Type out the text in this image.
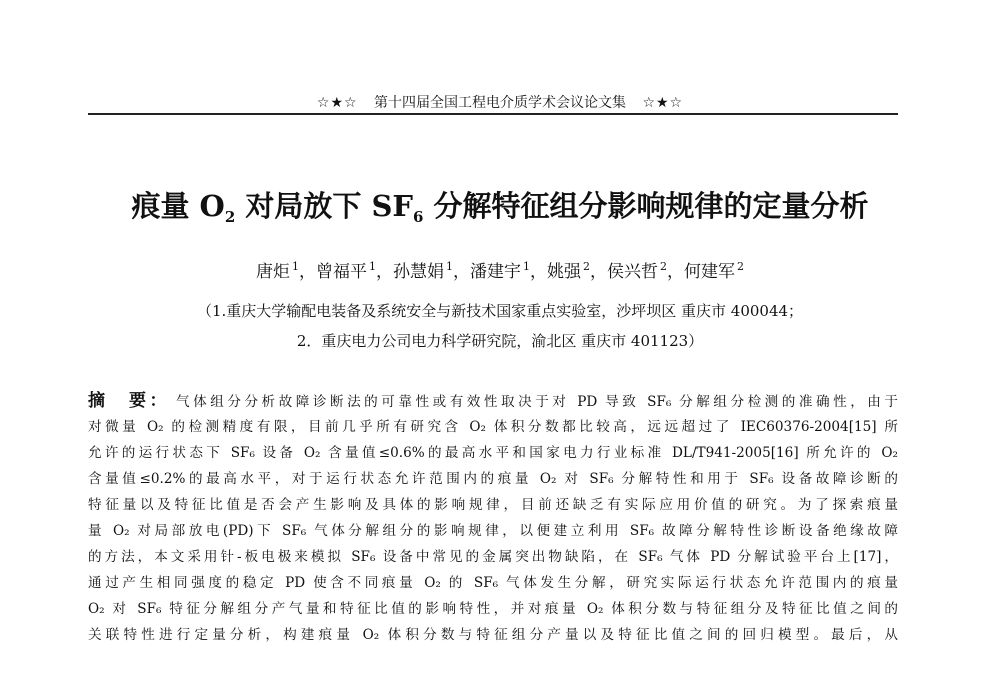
☆★☆ 第十四届全国工程电介质学术会议论文集 ☆★☆
痕量 $O_2$ 对局放下 $SF_6$ 分解特征组分影响规律的定量分析
唐炬 $^1$，曾福平 $^1$，孙慧娟 $^1$，潘建宇 $^1$，姚强 $^2$，侯兴哲 $^2$，何建军 $^2$
（1.重庆大学输配电装备及系统安全与新技术国家重点实验室，沙坪坝区 重庆市 400044；
2．重庆电力公司电力科学研究院，渝北区 重庆市 401123）
摘　要： 气体组分分析故障诊断法的可靠性或有效性取决于对 PD 导致 SF₆ 分解组分检测的准确性，由于
对微量 O₂ 的检测精度有限，目前几乎所有研究含 O₂ 体积分数都比较高，远远超过了 IEC60376-2004[15] 所
允许的运行状态下 SF₆ 设备 O₂ 含量值≤0.6%的最高水平和国家电力行业标准 DL/T941-2005[16] 所允许的 O₂
含量值≤0.2%的最高水平，对于运行状态允许范围内的痕量 O₂ 对 SF₆ 分解特性和用于 SF₆ 设备故障诊断的
特征量以及特征比值是否会产生影响及具体的影响规律，目前还缺乏有实际应用价值的研究。为了探索痕量
量 O₂ 对局部放电(PD)下 SF₆ 气体分解组分的影响规律，以便建立利用 SF₆ 故障分解特性诊断设备绝缘故障
的方法，本文采用针-板电极来模拟 SF₆ 设备中常见的金属突出物缺陷，在 SF₆ 气体 PD 分解试验平台上[17]，
通过产生相同强度的稳定 PD 使含不同痕量 O₂ 的 SF₆ 气体发生分解，研究实际运行状态允许范围内的痕量
O₂ 对 SF₆ 特征分解组分产气量和特征比值的影响特性，并对痕量 O₂ 体积分数与特征组分及特征比值之间的
关联特性进行定量分析，构建痕量 O₂ 体积分数与特征组分产量以及特征比值之间的回归模型。最后，从
